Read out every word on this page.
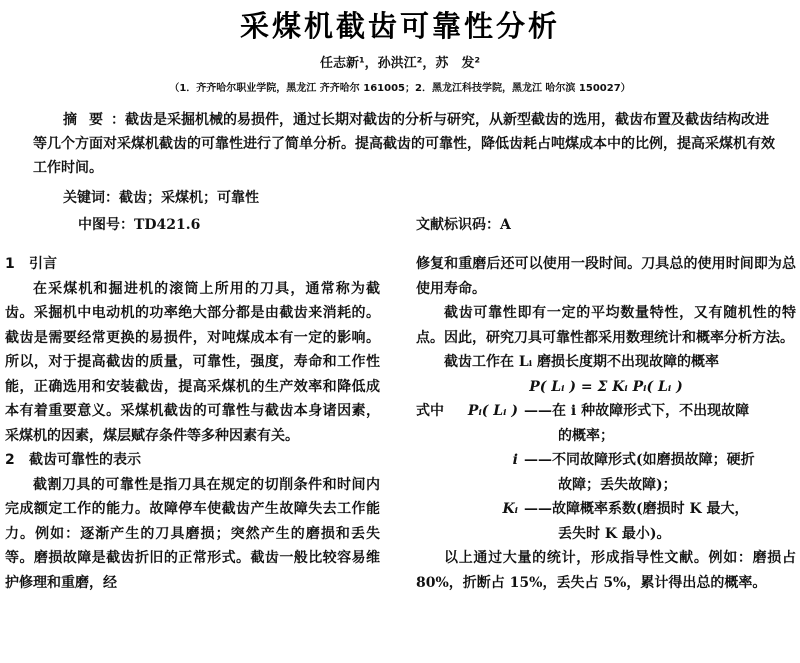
采煤机截齿可靠性分析
任志新¹，孙洪江²，苏　发²
（1．齐齐哈尔职业学院，黑龙江 齐齐哈尔 161005；2．黑龙江科技学院，黑龙江 哈尔滨 150027）
摘要：截齿是采掘机械的易损件，通过长期对截齿的分析与研究，从新型截齿的选用，截齿布置及截齿结构改进等几个方面对采煤机截齿的可靠性进行了简单分析。提高截齿的可靠性，降低齿耗占吨煤成本中的比例，提高采煤机有效工作时间。
关键词：截齿；采煤机；可靠性
中图号：TD421.6	文献标识码：A

1 引言

在采煤机和掘进机的滚筒上所用的刀具，通常称为截齿。采掘机中电动机的功率绝大部分都是由截齿来消耗的。截齿是需要经常更换的易损件，对吨煤成本有一定的影响。所以，对于提高截齿的质量，可靠性，强度，寿命和工作性能，正确选用和安装截齿，提高采煤机的生产效率和降低成本有着重要意义。采煤机截齿的可靠性与截齿本身诸因素，采煤机的因素，煤层赋存条件等多种因素有关。

2 截齿可靠性的表示

截割刀具的可靠性是指刀具在规定的切削条件和时间内完成额定工作的能力。故障停车使截齿产生故障失去工作能力。例如：逐渐产生的刀具磨损；突然产生的磨损和丢失等。磨损故障是截齿折旧的正常形式。截齿一般比较容易维护修理和重磨，经

修复和重磨后还可以使用一段时间。刀具总的使用时间即为总使用寿命。

截齿可靠性即有一定的平均数量特性，又有随机性的特点。因此，研究刀具可靠性都采用数理统计和概率分析方法。

截齿工作在 Lᵢ 磨损长度期不出现故障的概率

P( Lᵢ ) = Σ Kᵢ Pᵢ( Lᵢ )

式中 Pᵢ( Lᵢ ) ——在 i 种故障形式下，不出现故障
的概率；
i ——不同故障形式(如磨损故障；硬折
故障；丢失故障)；
Kᵢ ——故障概率系数(磨损时 K 最大，
丢失时 K 最小)。

以上通过大量的统计，形成指导性文献。例如：磨损占 80%，折断占 15%，丢失占 5%，累计得出总的概率。
